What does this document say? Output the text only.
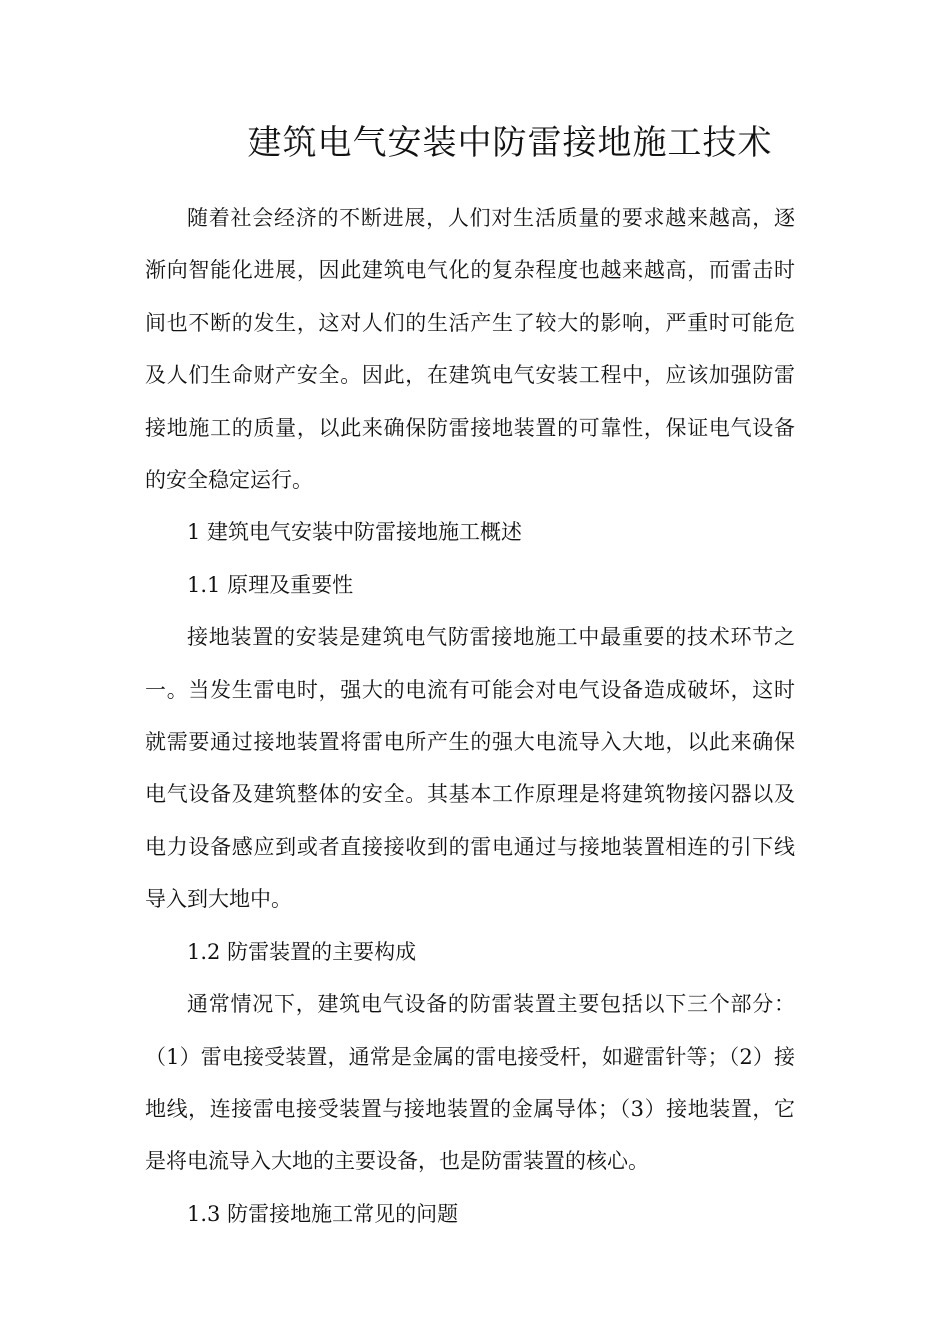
建筑电气安装中防雷接地施工技术

随着社会经济的不断进展，人们对生活质量的要求越来越高，逐渐向智能化进展，因此建筑电气化的复杂程度也越来越高，而雷击时间也不断的发生，这对人们的生活产生了较大的影响，严重时可能危及人们生命财产安全。因此，在建筑电气安装工程中，应该加强防雷接地施工的质量，以此来确保防雷接地装置的可靠性，保证电气设备的安全稳定运行。

1 建筑电气安装中防雷接地施工概述

1.1 原理及重要性

接地装置的安装是建筑电气防雷接地施工中最重要的技术环节之一。当发生雷电时，强大的电流有可能会对电气设备造成破坏，这时就需要通过接地装置将雷电所产生的强大电流导入大地，以此来确保电气设备及建筑整体的安全。其基本工作原理是将建筑物接闪器以及电力设备感应到或者直接接收到的雷电通过与接地装置相连的引下线导入到大地中。

1.2 防雷装置的主要构成

通常情况下，建筑电气设备的防雷装置主要包括以下三个部分：（1）雷电接受装置，通常是金属的雷电接受杆，如避雷针等；（2）接地线，连接雷电接受装置与接地装置的金属导体；（3）接地装置，它是将电流导入大地的主要设备，也是防雷装置的核心。

1.3 防雷接地施工常见的问题
